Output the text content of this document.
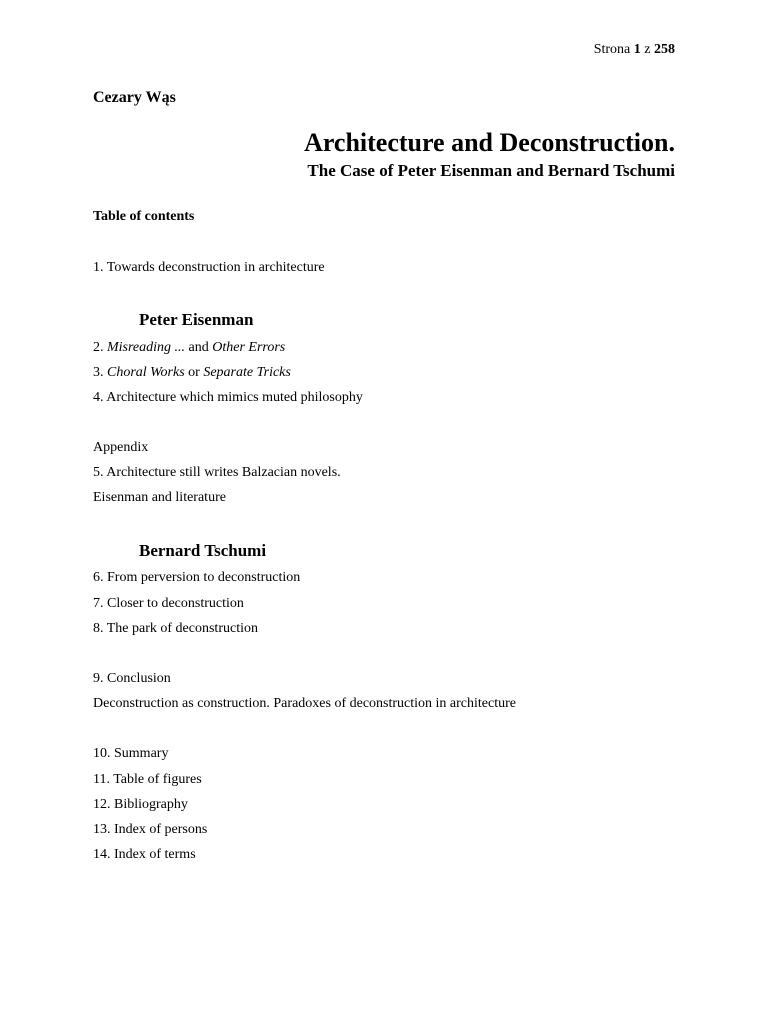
Strona 1 z 258
Cezary Wąs
Architecture and Deconstruction.
The Case of Peter Eisenman and Bernard Tschumi
Table of contents
1. Towards deconstruction in architecture
Peter Eisenman
2. Misreading ... and Other Errors
3. Choral Works or Separate Tricks
4. Architecture which mimics muted philosophy
Appendix
5. Architecture still writes Balzacian novels.
Eisenman and literature
Bernard Tschumi
6. From perversion to deconstruction
7. Closer to deconstruction
8. The park of deconstruction
9. Conclusion
Deconstruction as construction. Paradoxes of deconstruction in architecture
10. Summary
11. Table of figures
12. Bibliography
13. Index of persons
14. Index of terms
